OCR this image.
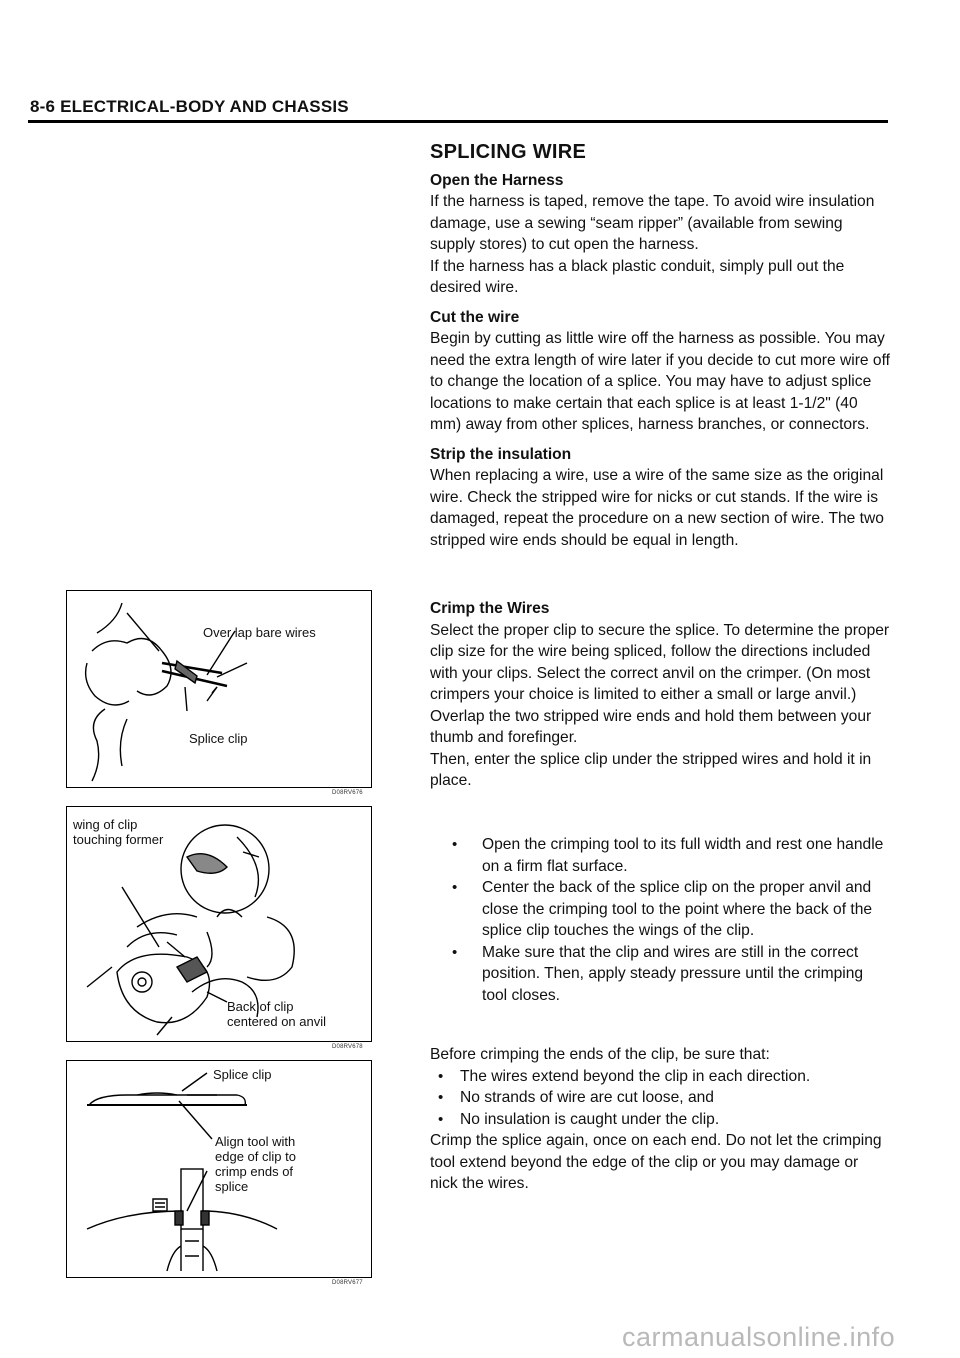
8-6 ELECTRICAL-BODY AND CHASSIS

SPLICING WIRE

Open the Harness

If the harness is taped, remove the tape. To avoid wire insulation damage, use a sewing “seam ripper” (available from sewing supply stores) to cut open the harness.

If the harness has a black plastic conduit, simply pull out the desired wire.

Cut the wire

Begin by cutting as little wire off the harness as possible. You may need the extra length of wire later if you decide to cut more wire off to change the location of a splice. You may have to adjust splice locations to make certain that each splice is at least 1-1/2" (40 mm) away from other splices, harness branches, or connectors.

Strip the insulation

When replacing a wire, use a wire of the same size as the original wire. Check the stripped wire for nicks or cut stands. If the wire is damaged, repeat the procedure on a new section of wire. The two stripped wire ends should be equal in length.

Crimp the Wires

Select the proper clip to secure the splice. To determine the proper clip size for the wire being spliced, follow the directions included with your clips. Select the correct anvil on the crimper. (On most crimpers your choice is limited to either a small or large anvil.) Overlap the two stripped wire ends and hold them between your thumb and forefinger.

Then, enter the splice clip under the stripped wires and hold it in place.

• Open the crimping tool to its full width and rest one handle on a firm flat surface.
• Center the back of the splice clip on the proper anvil and close the crimping tool to the point where the back of the splice clip touches the wings of the clip.
• Make sure that the clip and wires are still in the correct position. Then, apply steady pressure until the crimping tool closes.

Before crimping the ends of the clip, be sure that:

• The wires extend beyond the clip in each direction.
• No strands of wire are cut loose, and
• No insulation is caught under the clip.

Crimp the splice again, once on each end. Do not let the crimping tool extend beyond the edge of the clip or you may damage or nick the wires.

Over lap bare wires
Splice clip
D08RV676
wing of clip
touching former
Back of clip
centered on anvil
D08RV678
Splice clip
Align tool with
edge of clip to
crimp ends of
splice
D08RV677
carmanualsonline.info
